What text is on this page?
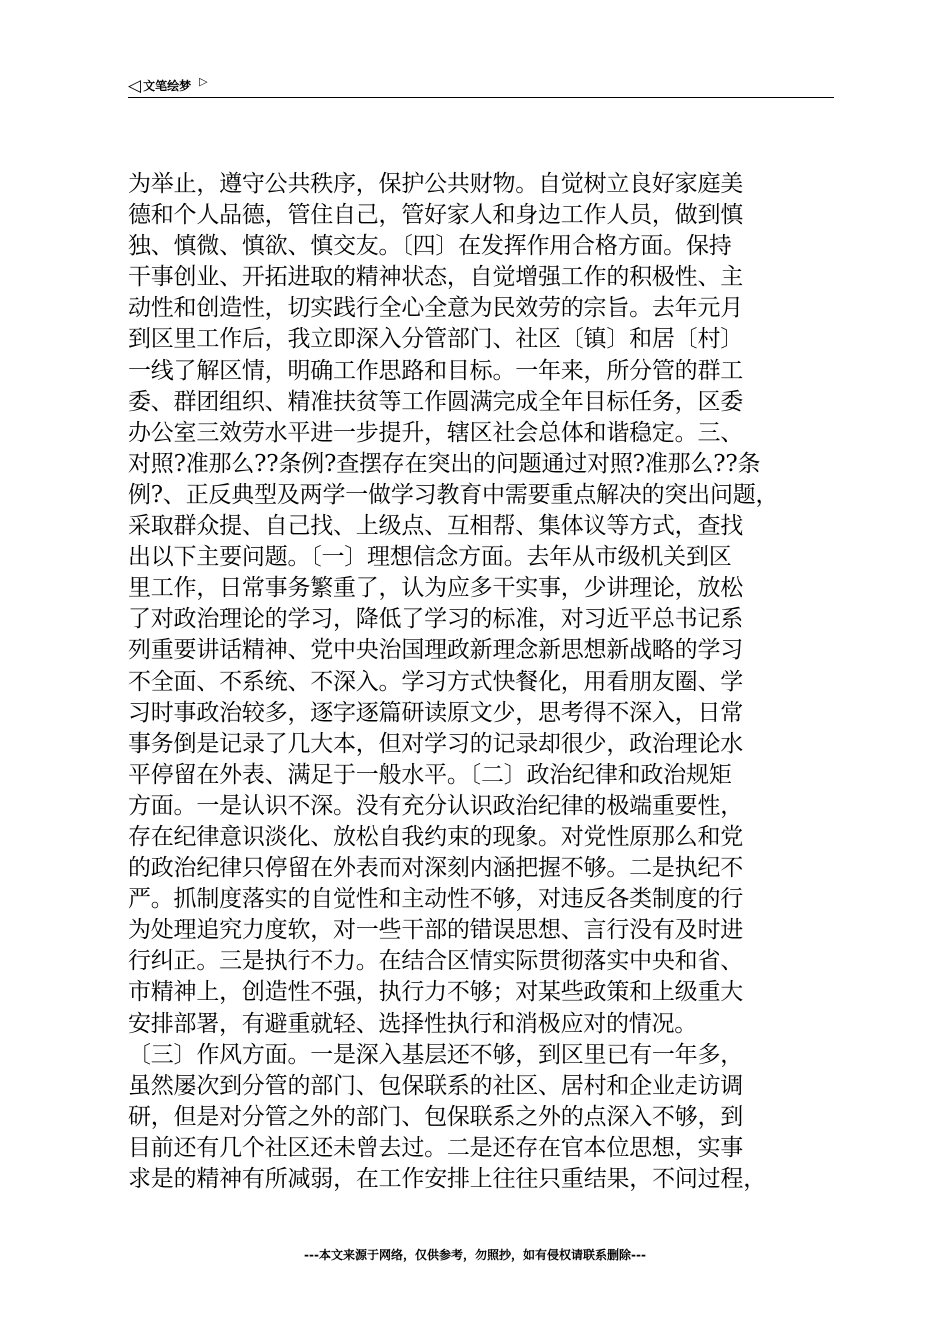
◁ 文笔绘梦 ▷
为举止，遵守公共秩序，保护公共财物。自觉树立良好家庭美
德和个人品德，管住自己，管好家人和身边工作人员，做到慎
独、慎微、慎欲、慎交友。〔四〕在发挥作用合格方面。保持
干事创业、开拓进取的精神状态，自觉增强工作的积极性、主
动性和创造性，切实践行全心全意为民效劳的宗旨。去年元月
到区里工作后，我立即深入分管部门、社区〔镇〕和居〔村〕
一线了解区情，明确工作思路和目标。一年来，所分管的群工
委、群团组织、精准扶贫等工作圆满完成全年目标任务，区委
办公室三效劳水平进一步提升，辖区社会总体和谐稳定。三、
对照?准那么??条例?查摆存在突出的问题通过对照?准那么??条
例?、正反典型及两学一做学习教育中需要重点解决的突出问题，
采取群众提、自己找、上级点、互相帮、集体议等方式，查找
出以下主要问题。〔一〕理想信念方面。去年从市级机关到区
里工作，日常事务繁重了，认为应多干实事，少讲理论，放松
了对政治理论的学习，降低了学习的标准，对习近平总书记系
列重要讲话精神、党中央治国理政新理念新思想新战略的学习
不全面、不系统、不深入。学习方式快餐化，用看朋友圈、学
习时事政治较多，逐字逐篇研读原文少，思考得不深入，日常
事务倒是记录了几大本，但对学习的记录却很少，政治理论水
平停留在外表、满足于一般水平。〔二〕政治纪律和政治规矩
方面。一是认识不深。没有充分认识政治纪律的极端重要性，
存在纪律意识淡化、放松自我约束的现象。对党性原那么和党
的政治纪律只停留在外表而对深刻内涵把握不够。二是执纪不
严。抓制度落实的自觉性和主动性不够，对违反各类制度的行
为处理追究力度软，对一些干部的错误思想、言行没有及时进
行纠正。三是执行不力。在结合区情实际贯彻落实中央和省、
市精神上，创造性不强，执行力不够；对某些政策和上级重大
安排部署，有避重就轻、选择性执行和消极应对的情况。
〔三〕作风方面。一是深入基层还不够，到区里已有一年多，
虽然屡次到分管的部门、包保联系的社区、居村和企业走访调
研，但是对分管之外的部门、包保联系之外的点深入不够，到
目前还有几个社区还未曾去过。二是还存在官本位思想，实事
求是的精神有所减弱，在工作安排上往往只重结果，不问过程，
---本文来源于网络，仅供参考，勿照抄，如有侵权请联系删除---
